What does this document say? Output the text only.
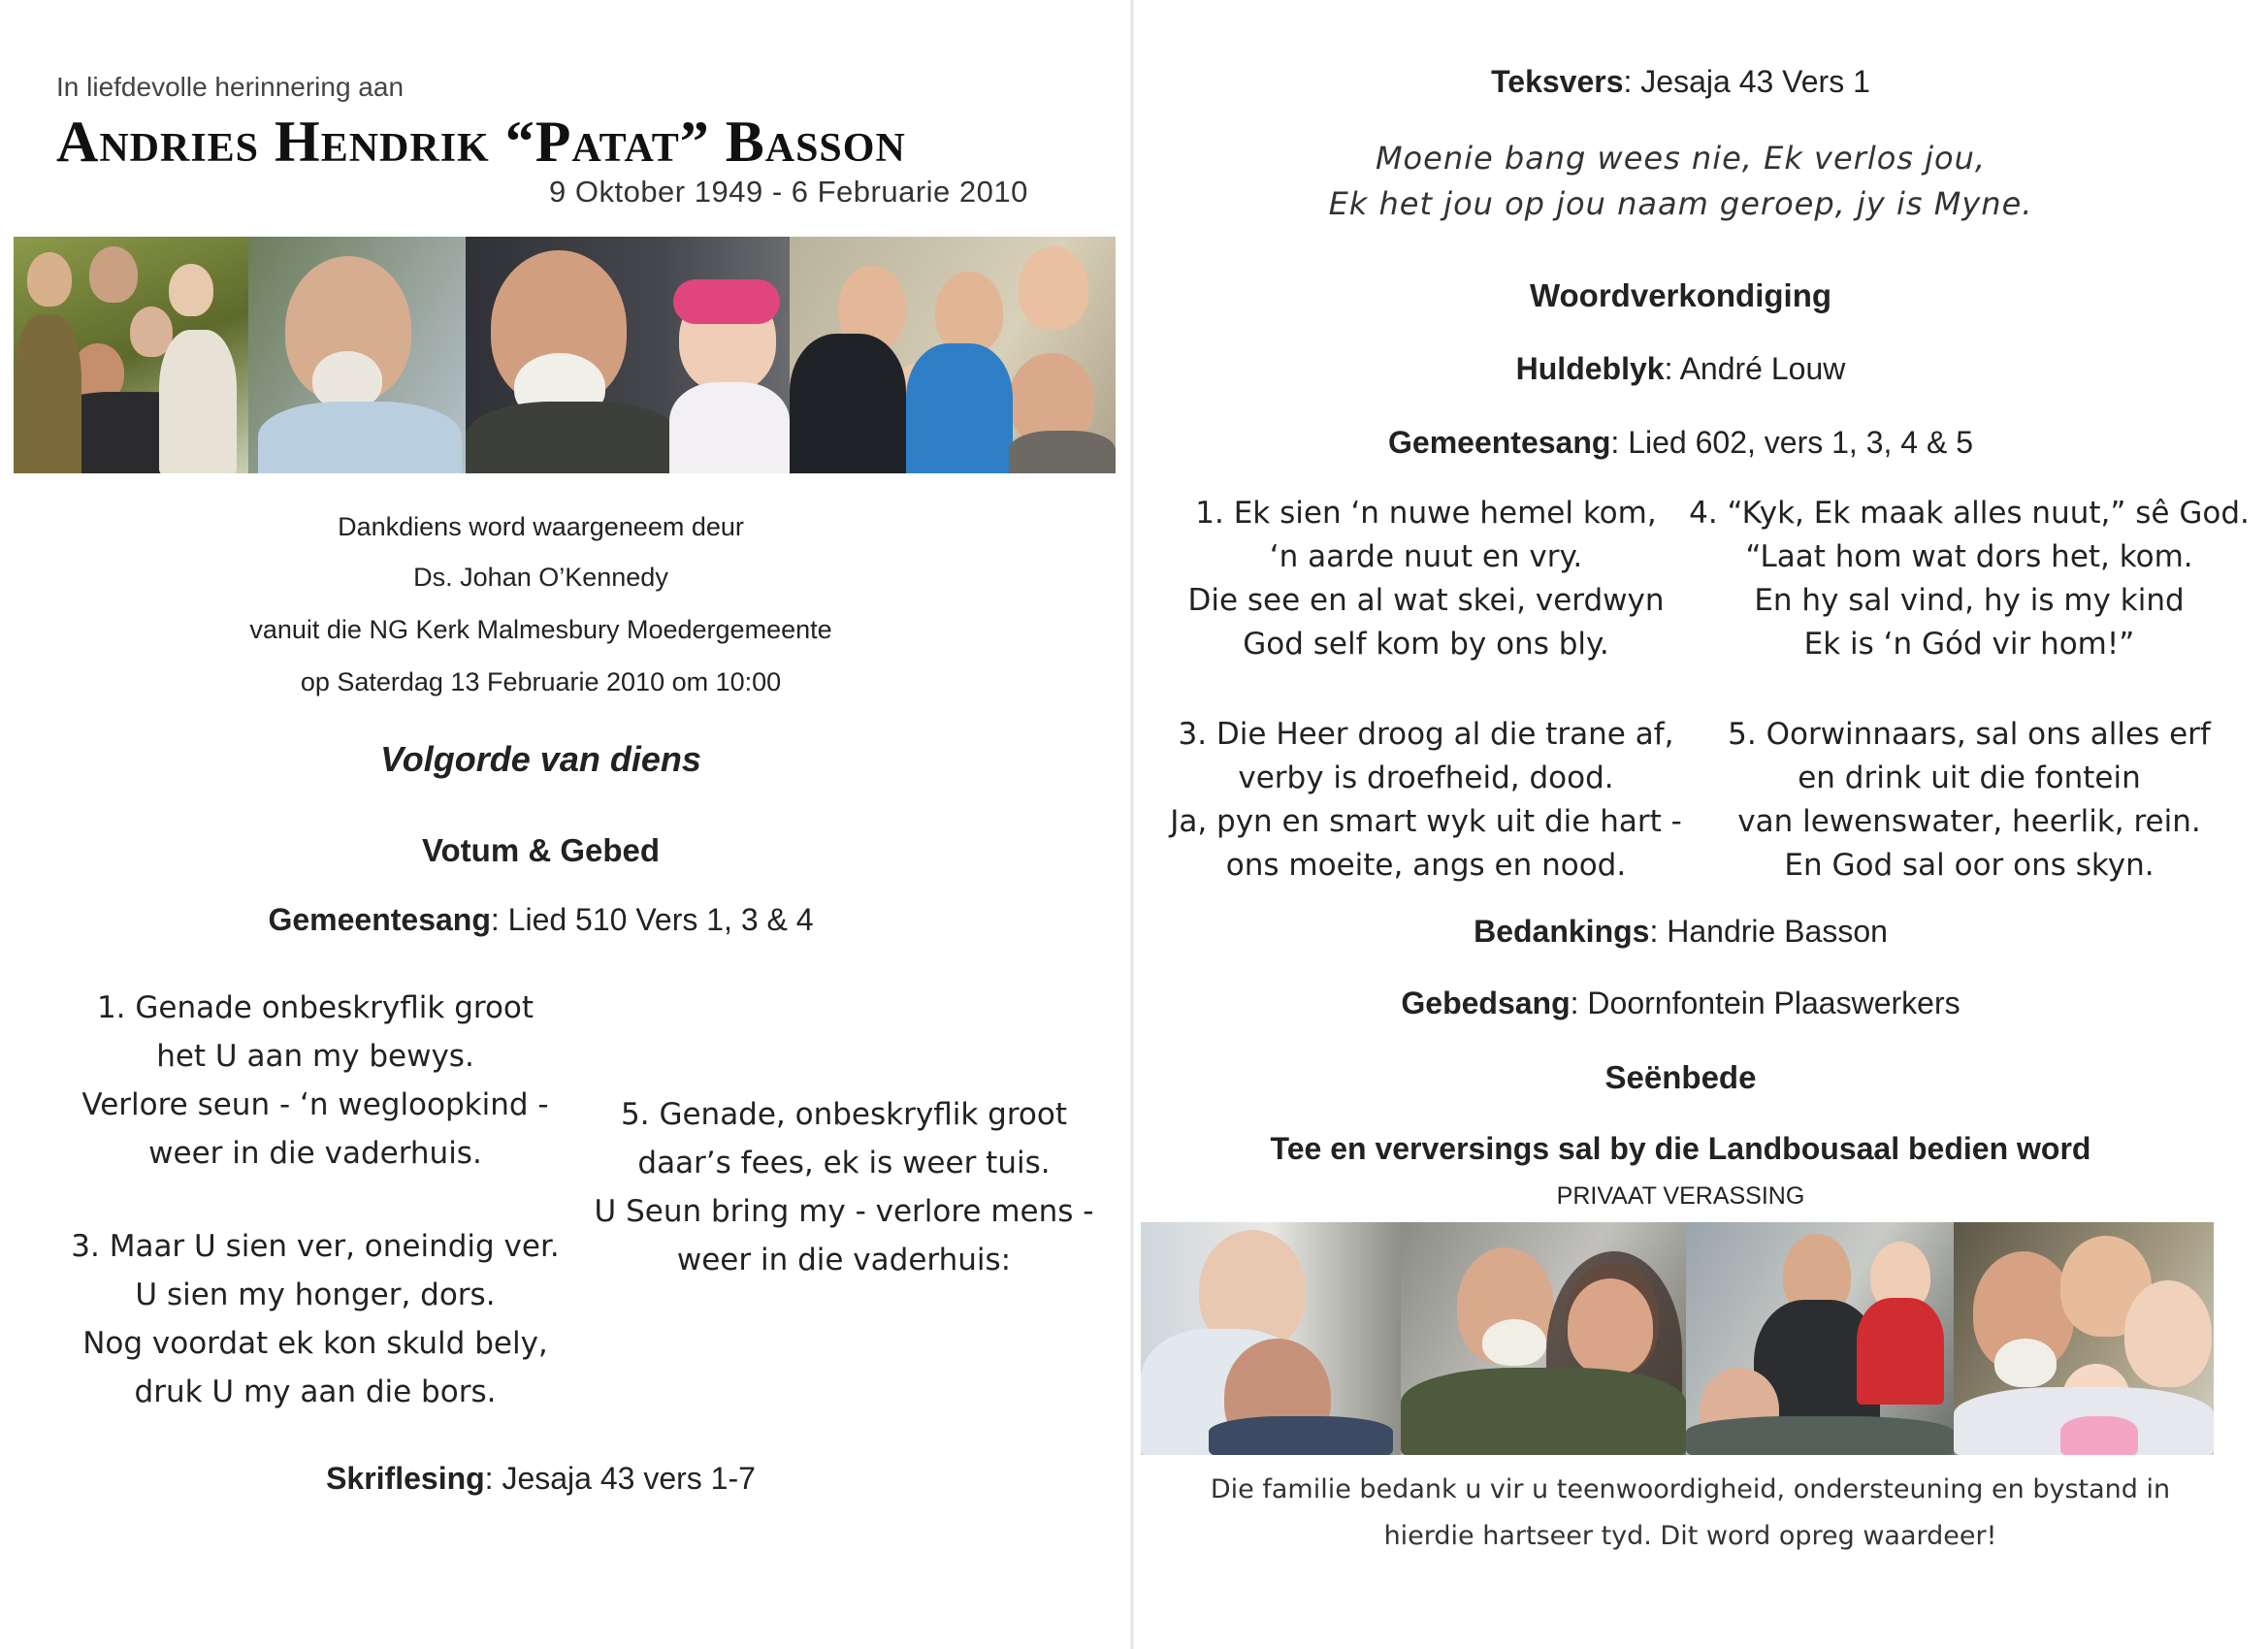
In liefdevolle herinnering aan
Andries Hendrik “Patat” Basson
9 Oktober 1949 - 6 Februarie 2010
Dankdiens word waargeneem deur
Ds. Johan O’Kennedy
vanuit die NG Kerk Malmesbury Moedergemeente
op Saterdag 13 Februarie 2010 om 10:00
Volgorde van diens
Votum & Gebed
Gemeentesang: Lied 510 Vers 1, 3 & 4
1. Genade onbeskryflik groot
het U aan my bewys.
Verlore seun - ‘n wegloopkind -
weer in die vaderhuis.
3. Maar U sien ver, oneindig ver.
U sien my honger, dors.
Nog voordat ek kon skuld bely,
druk U my aan die bors.
5. Genade, onbeskryflik groot
daar’s fees, ek is weer tuis.
U Seun bring my - verlore mens -
weer in die vaderhuis:
Skriflesing: Jesaja 43 vers 1-7
Teksvers: Jesaja 43 Vers 1
Moenie bang wees nie, Ek verlos jou,
Ek het jou op jou naam geroep, jy is Myne.
Woordverkondiging
Huldeblyk: André Louw
Gemeentesang: Lied 602, vers 1, 3, 4 & 5
1. Ek sien ‘n nuwe hemel kom,
‘n aarde nuut en vry.
Die see en al wat skei, verdwyn
God self kom by ons bly.
4. “Kyk, Ek maak alles nuut,” sê God.
“Laat hom wat dors het, kom.
En hy sal vind, hy is my kind
Ek is ‘n Gód vir hom!”
3. Die Heer droog al die trane af,
verby is droefheid, dood.
Ja, pyn en smart wyk uit die hart -
ons moeite, angs en nood.
5. Oorwinnaars, sal ons alles erf
en drink uit die fontein
van lewenswater, heerlik, rein.
En God sal oor ons skyn.
Bedankings: Handrie Basson
Gebedsang: Doornfontein Plaaswerkers
Seënbede
Tee en verversings sal by die Landbousaal bedien word
PRIVAAT VERASSING
Die familie bedank u vir u teenwoordigheid, ondersteuning en bystand in
hierdie hartseer tyd. Dit word opreg waardeer!
